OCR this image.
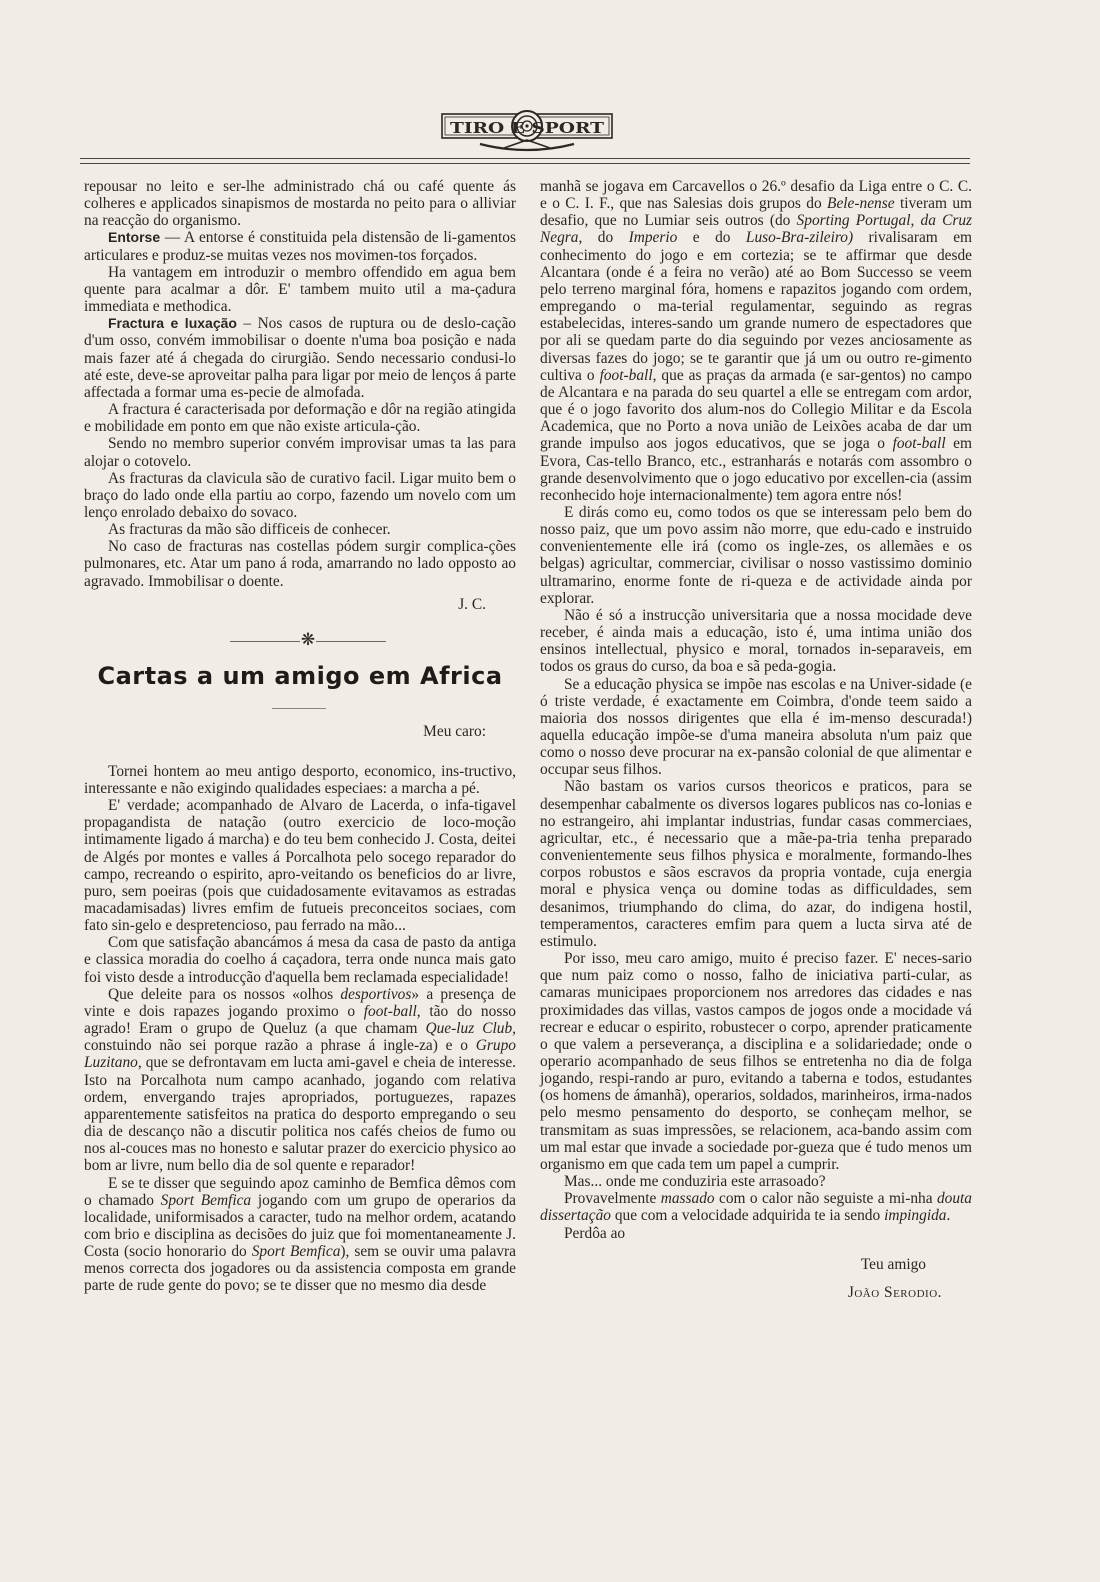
TIRO E SPORT

repousar no leito e ser-lhe administrado chá ou café quente ás colheres e applicados sinapismos de mostarda no peito para o alliviar na reacção do organismo.

Entorse — A entorse é constituida pela distensão de li-gamentos articulares e produz-se muitas vezes nos movimen-tos forçados.

Ha vantagem em introduzir o membro offendido em agua bem quente para acalmar a dôr. E' tambem muito util a ma-çadura immediata e methodica.

Fractura e luxação – Nos casos de ruptura ou de deslo-cação d'um osso, convém immobilisar o doente n'uma boa posição e nada mais fazer até á chegada do cirurgião. Sendo necessario condusi-lo até este, deve-se aproveitar palha para ligar por meio de lenços á parte affectada a formar uma es-pecie de almofada.

A fractura é caracterisada por deformação e dôr na região atingida e mobilidade em ponto em que não existe articula-ção.

Sendo no membro superior convém improvisar umas ta las para alojar o cotovelo.

As fracturas da clavicula são de curativo facil. Ligar muito bem o braço do lado onde ella partiu ao corpo, fazendo um novelo com um lenço enrolado debaixo do sovaco.

As fracturas da mão são difficeis de conhecer.

No caso de fracturas nas costellas pódem surgir complica-ções pulmonares, etc. Atar um pano á roda, amarrando no lado opposto ao agravado. Immobilisar o doente.

J. C.
❋
Cartas a um amigo em Africa
Meu caro:

Tornei hontem ao meu antigo desporto, economico, ins-tructivo, interessante e não exigindo qualidades especiaes: a marcha a pé.

E' verdade; acompanhado de Alvaro de Lacerda, o infa-tigavel propagandista de natação (outro exercicio de loco-moção intimamente ligado á marcha) e do teu bem conhecido J. Costa, deitei de Algés por montes e valles á Porcalhota pelo socego reparador do campo, recreando o espirito, apro-veitando os beneficios do ar livre, puro, sem poeiras (pois que cuidadosamente evitavamos as estradas macadamisadas) livres emfim de futueis preconceitos sociaes, com fato sin-gelo e despretencioso, pau ferrado na mão...

Com que satisfação abancámos á mesa da casa de pasto da antiga e classica moradia do coelho á caçadora, terra onde nunca mais gato foi visto desde a introducção d'aquella bem reclamada especialidade!

Que deleite para os nossos «olhos desportivos» a presença de vinte e dois rapazes jogando proximo o foot-ball, tão do nosso agrado! Eram o grupo de Queluz (a que chamam Que-luz Club, constuindo não sei porque razão a phrase á ingle-za) e o Grupo Luzitano, que se defrontavam em lucta ami-gavel e cheia de interesse. Isto na Porcalhota num campo acanhado, jogando com relativa ordem, envergando trajes apropriados, portuguezes, rapazes apparentemente satisfeitos na pratica do desporto empregando o seu dia de descanço não a discutir politica nos cafés cheios de fumo ou nos al-couces mas no honesto e salutar prazer do exercicio physico ao bom ar livre, num bello dia de sol quente e reparador!

E se te disser que seguindo apoz caminho de Bemfica dêmos com o chamado Sport Bemfica jogando com um grupo de operarios da localidade, uniformisados a caracter, tudo na melhor ordem, acatando com brio e disciplina as decisões do juiz que foi momentaneamente J. Costa (socio honorario do Sport Bemfica), sem se ouvir uma palavra menos correcta dos jogadores ou da assistencia composta em grande parte de rude gente do povo; se te disser que no mesmo dia desde

manhã se jogava em Carcavellos o 26.º desafio da Liga entre o C. C. e o C. I. F., que nas Salesias dois grupos do Bele-nense tiveram um desafio, que no Lumiar seis outros (do Sporting Portugal, da Cruz Negra, do Imperio e do Luso-Bra-zileiro) rivalisaram em conhecimento do jogo e em cortezia; se te affirmar que desde Alcantara (onde é a feira no verão) até ao Bom Successo se veem pelo terreno marginal fóra, homens e rapazitos jogando com ordem, empregando o ma-terial regulamentar, seguindo as regras estabelecidas, interes-sando um grande numero de espectadores que por ali se quedam parte do dia seguindo por vezes anciosamente as diversas fazes do jogo; se te garantir que já um ou outro re-gimento cultiva o foot-ball, que as praças da armada (e sar-gentos) no campo de Alcantara e na parada do seu quartel a elle se entregam com ardor, que é o jogo favorito dos alum-nos do Collegio Militar e da Escola Academica, que no Porto a nova união de Leixões acaba de dar um grande impulso aos jogos educativos, que se joga o foot-ball em Evora, Cas-tello Branco, etc., estranharás e notarás com assombro o grande desenvolvimento que o jogo educativo por excellen-cia (assim reconhecido hoje internacionalmente) tem agora entre nós!

E dirás como eu, como todos os que se interessam pelo bem do nosso paiz, que um povo assim não morre, que edu-cado e instruido convenientemente elle irá (como os ingle-zes, os allemães e os belgas) agricultar, commerciar, civilisar o nosso vastissimo dominio ultramarino, enorme fonte de ri-queza e de actividade ainda por explorar.

Não é só a instrucção universitaria que a nossa mocidade deve receber, é ainda mais a educação, isto é, uma intima união dos ensinos intellectual, physico e moral, tornados in-separaveis, em todos os graus do curso, da boa e sã peda-gogia.

Se a educação physica se impõe nas escolas e na Univer-sidade (e ó triste verdade, é exactamente em Coimbra, d'onde teem saido a maioria dos nossos dirigentes que ella é im-menso descurada!) aquella educação impõe-se d'uma maneira absoluta n'um paiz que como o nosso deve procurar na ex-pansão colonial de que alimentar e occupar seus filhos.

Não bastam os varios cursos theoricos e praticos, para se desempenhar cabalmente os diversos logares publicos nas co-lonias e no estrangeiro, ahi implantar industrias, fundar casas commerciaes, agricultar, etc., é necessario que a mãe-pa-tria tenha preparado convenientemente seus filhos physica e moralmente, formando-lhes corpos robustos e sãos escravos da propria vontade, cuja energia moral e physica vença ou domine todas as difficuldades, sem desanimos, triumphando do clima, do azar, do indigena hostil, temperamentos, caracteres emfim para quem a lucta sirva até de estimulo.

Por isso, meu caro amigo, muito é preciso fazer. E' neces-sario que num paiz como o nosso, falho de iniciativa parti-cular, as camaras municipaes proporcionem nos arredores das cidades e nas proximidades das villas, vastos campos de jogos onde a mocidade vá recrear e educar o espirito, robustecer o corpo, aprender praticamente o que valem a perseverança, a disciplina e a solidariedade; onde o operario acompanhado de seus filhos se entretenha no dia de folga jogando, respi-rando ar puro, evitando a taberna e todos, estudantes (os homens de ámanhã), operarios, soldados, marinheiros, irma-nados pelo mesmo pensamento do desporto, se conheçam melhor, se transmitam as suas impressões, se relacionem, aca-bando assim com um mal estar que invade a sociedade por-gueza que é tudo menos um organismo em que cada tem um papel a cumprir.

Mas... onde me conduziria este arrasoado?

Provavelmente massado com o calor não seguiste a mi-nha douta dissertação que com a velocidade adquirida te ia sendo impingida.

Perdôa ao

Teu amigo

João Serodio.
